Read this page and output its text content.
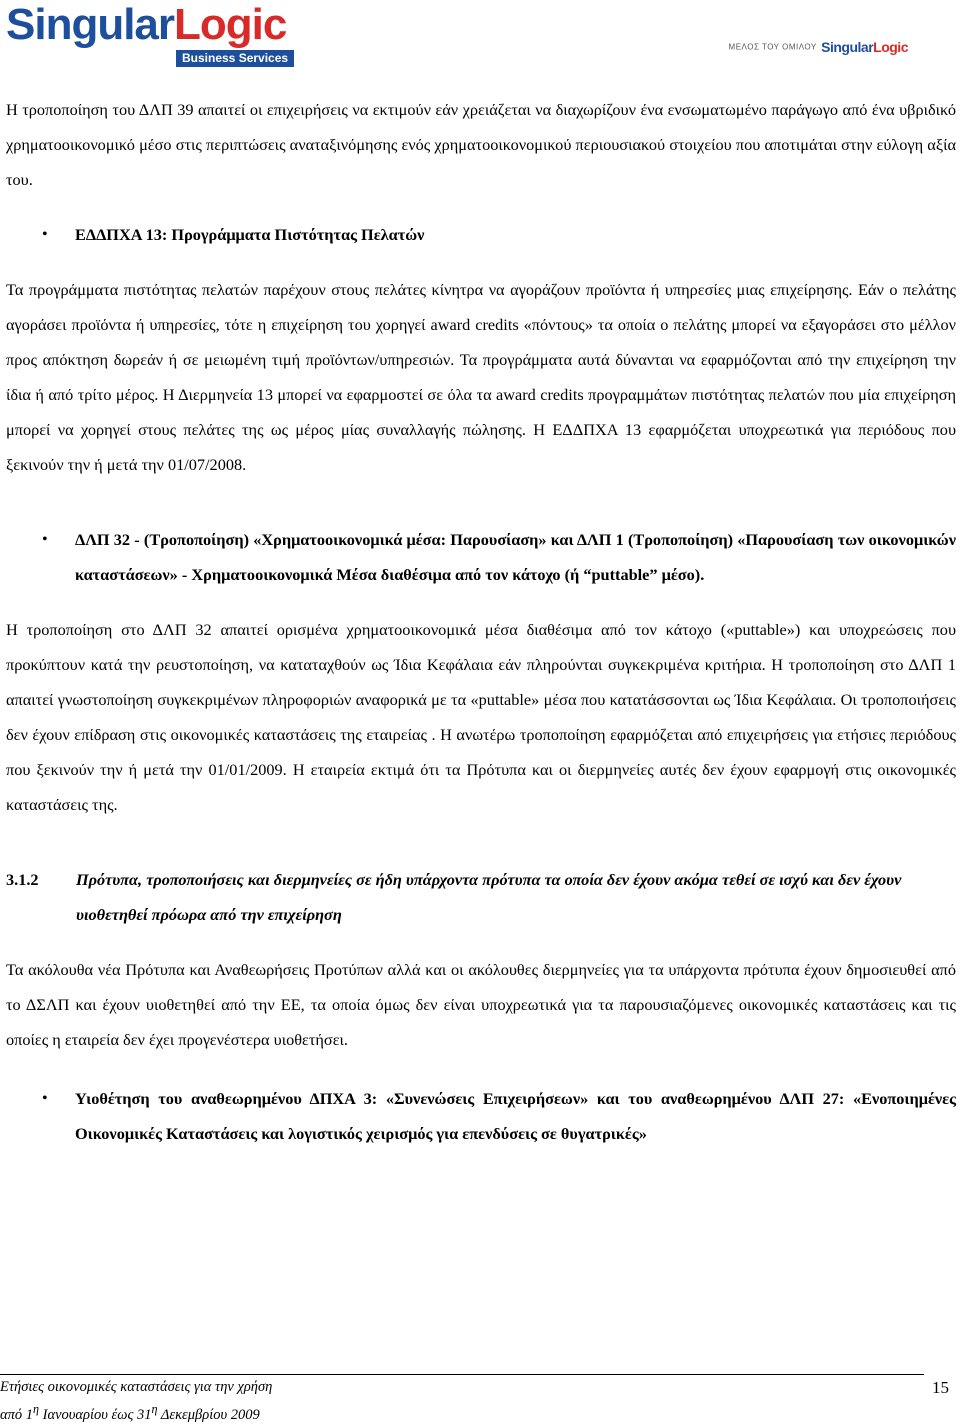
SingularLogic
Business Services
ΜΕΛΟΣ ΤΟΥ ΟΜΙΛΟΥ SingularLogic

Η τροποποίηση του ΔΛΠ 39 απαιτεί οι επιχειρήσεις να εκτιμούν εάν χρειάζεται να διαχωρίζουν ένα ενσωματωμένο παράγωγο από ένα υβριδικό χρηματοοικονομικό μέσο στις περιπτώσεις αναταξινόμησης ενός χρηματοοικονομικού περιουσιακού στοιχείου που αποτιμάται στην εύλογη αξία του.

• ΕΔΔΠΧΑ 13: Προγράμματα Πιστότητας Πελατών

Τα προγράμματα πιστότητας πελατών παρέχουν στους πελάτες κίνητρα να αγοράζουν προϊόντα ή υπηρεσίες μιας επιχείρησης. Εάν ο πελάτης αγοράσει προϊόντα ή υπηρεσίες, τότε η επιχείρηση του χορηγεί award credits «πόντους» τα οποία ο πελάτης μπορεί να εξαγοράσει στο μέλλον προς απόκτηση δωρεάν ή σε μειωμένη τιμή προϊόντων/υπηρεσιών. Τα προγράμματα αυτά δύνανται να εφαρμόζονται από την επιχείρηση την ίδια ή από τρίτο μέρος. Η Διερμηνεία 13 μπορεί να εφαρμοστεί σε όλα τα award credits προγραμμάτων πιστότητας πελατών που μία επιχείρηση μπορεί να χορηγεί στους πελάτες της ως μέρος μίας συναλλαγής πώλησης. Η ΕΔΔΠΧΑ 13 εφαρμόζεται υποχρεωτικά για περιόδους που ξεκινούν την ή μετά την 01/07/2008.

• ΔΛΠ 32 - (Τροποποίηση) «Χρηματοοικονομικά μέσα: Παρουσίαση» και ΔΛΠ 1 (Τροποποίηση) «Παρουσίαση των οικονομικών καταστάσεων» - Χρηματοοικονομικά Μέσα διαθέσιμα από τον κάτοχο (ή “puttable” μέσο).

Η τροποποίηση στο ΔΛΠ 32 απαιτεί ορισμένα χρηματοοικονομικά μέσα διαθέσιμα από τον κάτοχο («puttable») και υποχρεώσεις που προκύπτουν κατά την ρευστοποίηση, να καταταχθούν ως Ίδια Κεφάλαια εάν πληρούνται συγκεκριμένα κριτήρια. Η τροποποίηση στο ΔΛΠ 1 απαιτεί γνωστοποίηση συγκεκριμένων πληροφοριών αναφορικά με τα «puttable» μέσα που κατατάσσονται ως Ίδια Κεφάλαια. Οι τροποποιήσεις δεν έχουν επίδραση στις οικονομικές καταστάσεις της εταιρείας . Η ανωτέρω τροποποίηση εφαρμόζεται από επιχειρήσεις για ετήσιες περιόδους που ξεκινούν την ή μετά την 01/01/2009. Η εταιρεία εκτιμά ότι τα Πρότυπα και οι διερμηνείες αυτές δεν έχουν εφαρμογή στις οικονομικές καταστάσεις της.

3.1.2 Πρότυπα, τροποποιήσεις και διερμηνείες σε ήδη υπάρχοντα πρότυπα τα οποία δεν έχουν ακόμα τεθεί σε ισχύ και δεν έχουν υιοθετηθεί πρόωρα από την επιχείρηση

Τα ακόλουθα νέα Πρότυπα και Αναθεωρήσεις Προτύπων αλλά και οι ακόλουθες διερμηνείες για τα υπάρχοντα πρότυπα έχουν δημοσιευθεί από το ΔΣΛΠ και έχουν υιοθετηθεί από την ΕΕ, τα οποία όμως δεν είναι υποχρεωτικά για τα παρουσιαζόμενες οικονομικές καταστάσεις και τις οποίες η εταιρεία δεν έχει προγενέστερα υιοθετήσει.

• Υιοθέτηση του αναθεωρημένου ΔΠΧΑ 3: «Συνενώσεις Επιχειρήσεων» και του αναθεωρημένου ΔΛΠ 27: «Ενοποιημένες Οικονομικές Καταστάσεις και λογιστικός χειρισμός για επενδύσεις σε θυγατρικές»

Ετήσιες οικονομικές καταστάσεις για την χρήση
από $1^\eta$ Ιανουαρίου έως $31^\eta$ Δεκεμβρίου 2009
15
